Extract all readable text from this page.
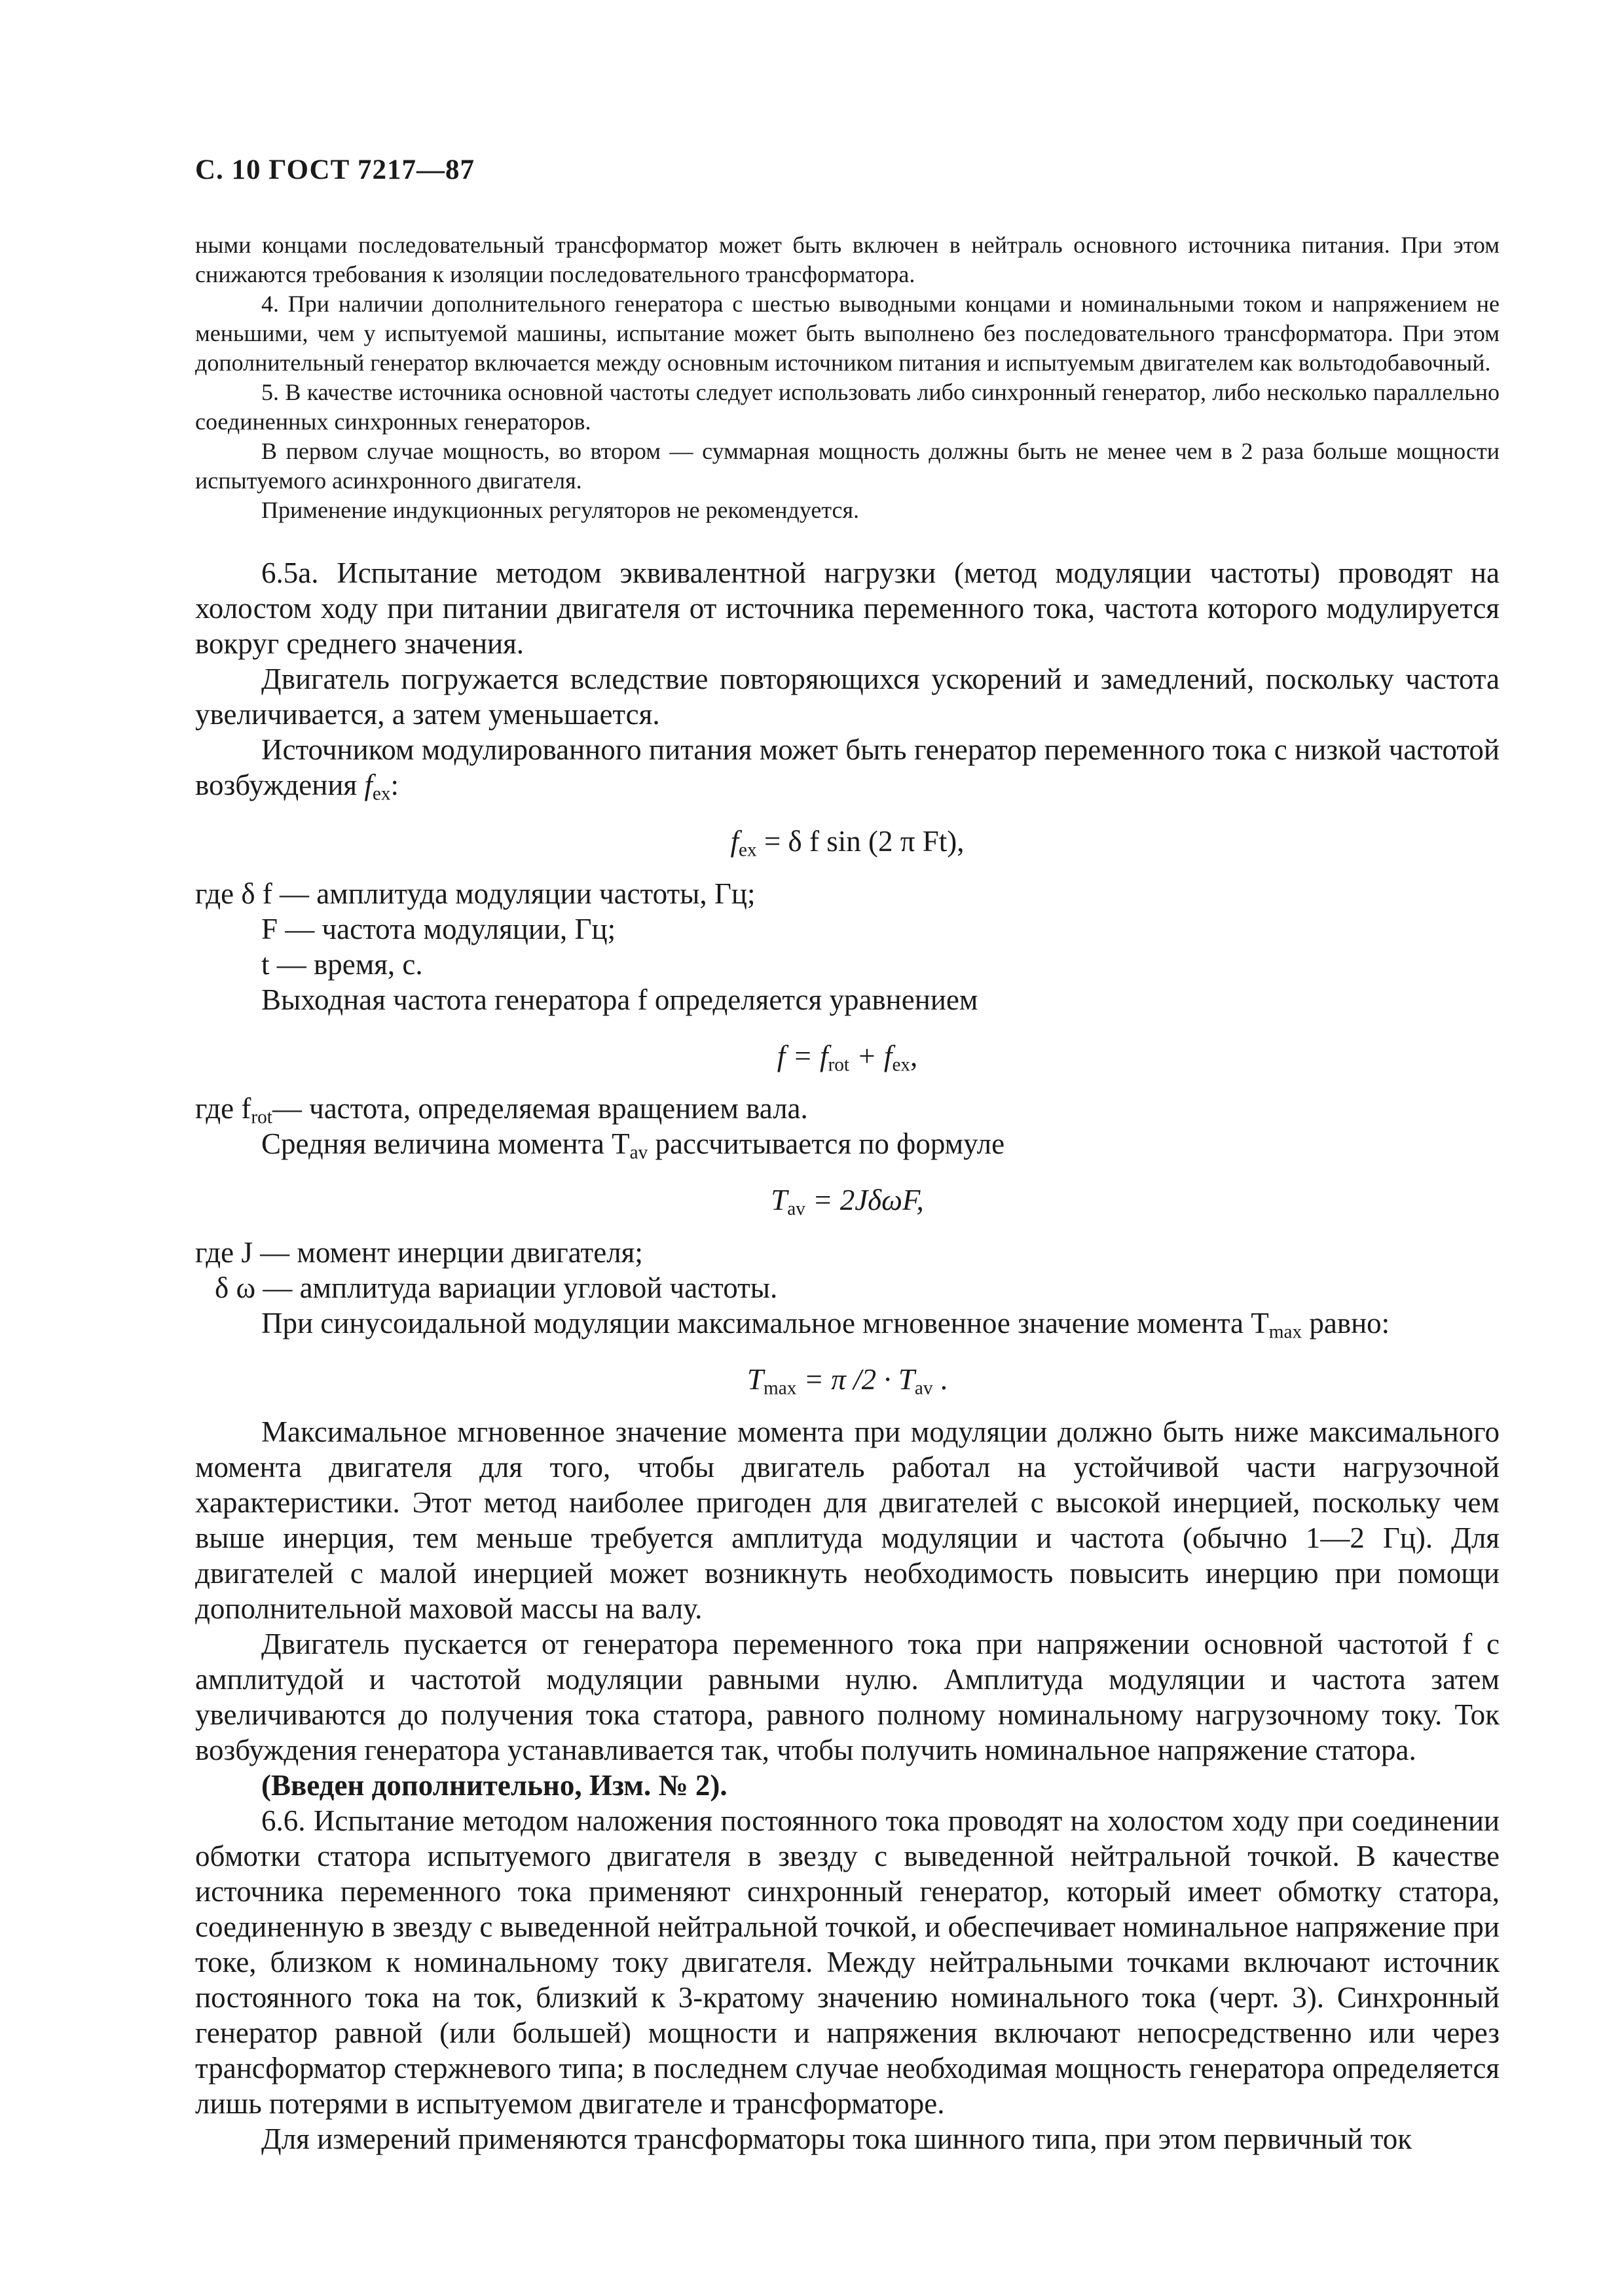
С. 10 ГОСТ 7217—87

ными концами последовательный трансформатор может быть включен в нейтраль основного источника питания. При этом снижаются требования к изоляции последовательного трансформатора.

4. При наличии дополнительного генератора с шестью выводными концами и номинальными током и напряжением не меньшими, чем у испытуемой машины, испытание может быть выполнено без последовательного трансформатора. При этом дополнительный генератор включается между основным источником питания и испытуемым двигателем как вольтодобавочный.

5. В качестве источника основной частоты следует использовать либо синхронный генератор, либо несколько параллельно соединенных синхронных генераторов.

В первом случае мощность, во втором — суммарная мощность должны быть не менее чем в 2 раза больше мощности испытуемого асинхронного двигателя.

Применение индукционных регуляторов не рекомендуется.

6.5а. Испытание методом эквивалентной нагрузки (метод модуляции частоты) проводят на холостом ходу при питании двигателя от источника переменного тока, частота которого модулируется вокруг среднего значения.

Двигатель погружается вследствие повторяющихся ускорений и замедлений, поскольку частота увеличивается, а затем уменьшается.

Источником модулированного питания может быть генератор переменного тока с низкой частотой возбуждения $f_{ex}$:

$f_{ex} = \delta$ f sin (2 π Ft),

где δ f — амплитуда модуляции частоты, Гц;

F — частота модуляции, Гц;

t — время, с.

Выходная частота генератора f определяется уравнением

$f = f_{rot} + f_{ex}$,

где $f_{rot}—$ частота, определяемая вращением вала.

Средняя величина момента $T_{av}$ рассчитывается по формуле

$T_{av} = 2J\delta\omega F$,

где J — момент инерции двигателя;

δ ω — амплитуда вариации угловой частоты.

При синусоидальной модуляции максимальное мгновенное значение момента $T_{max}$ равно:

$T_{max} = \pi$ $/2 \cdot T_{av}$ .

Максимальное мгновенное значение момента при модуляции должно быть ниже максимального момента двигателя для того, чтобы двигатель работал на устойчивой части нагрузочной характеристики. Этот метод наиболее пригоден для двигателей с высокой инерцией, поскольку чем выше инерция, тем меньше требуется амплитуда модуляции и частота (обычно 1—2 Гц). Для двигателей с малой инерцией может возникнуть необходимость повысить инерцию при помощи дополнительной маховой массы на валу.

Двигатель пускается от генератора переменного тока при напряжении основной частотой f с амплитудой и частотой модуляции равными нулю. Амплитуда модуляции и частота затем увеличиваются до получения тока статора, равного полному номинальному нагрузочному току. Ток возбуждения генератора устанавливается так, чтобы получить номинальное напряжение статора.

(Введен дополнительно, Изм. № 2).

6.6. Испытание методом наложения постоянного тока проводят на холостом ходу при соединении обмотки статора испытуемого двигателя в звезду с выведенной нейтральной точкой. В качестве источника переменного тока применяют синхронный генератор, который имеет обмотку статора, соединенную в звезду с выведенной нейтральной точкой, и обеспечивает номинальное напряжение при токе, близком к номинальному току двигателя. Между нейтральными точками включают источник постоянного тока на ток, близкий к 3-кратому значению номинального тока (черт. 3). Синхронный генератор равной (или большей) мощности и напряжения включают непосредственно или через трансформатор стержневого типа; в последнем случае необходимая мощность генератора определяется лишь потерями в испытуемом двигателе и трансформаторе.

Для измерений применяются трансформаторы тока шинного типа, при этом первичный ток
